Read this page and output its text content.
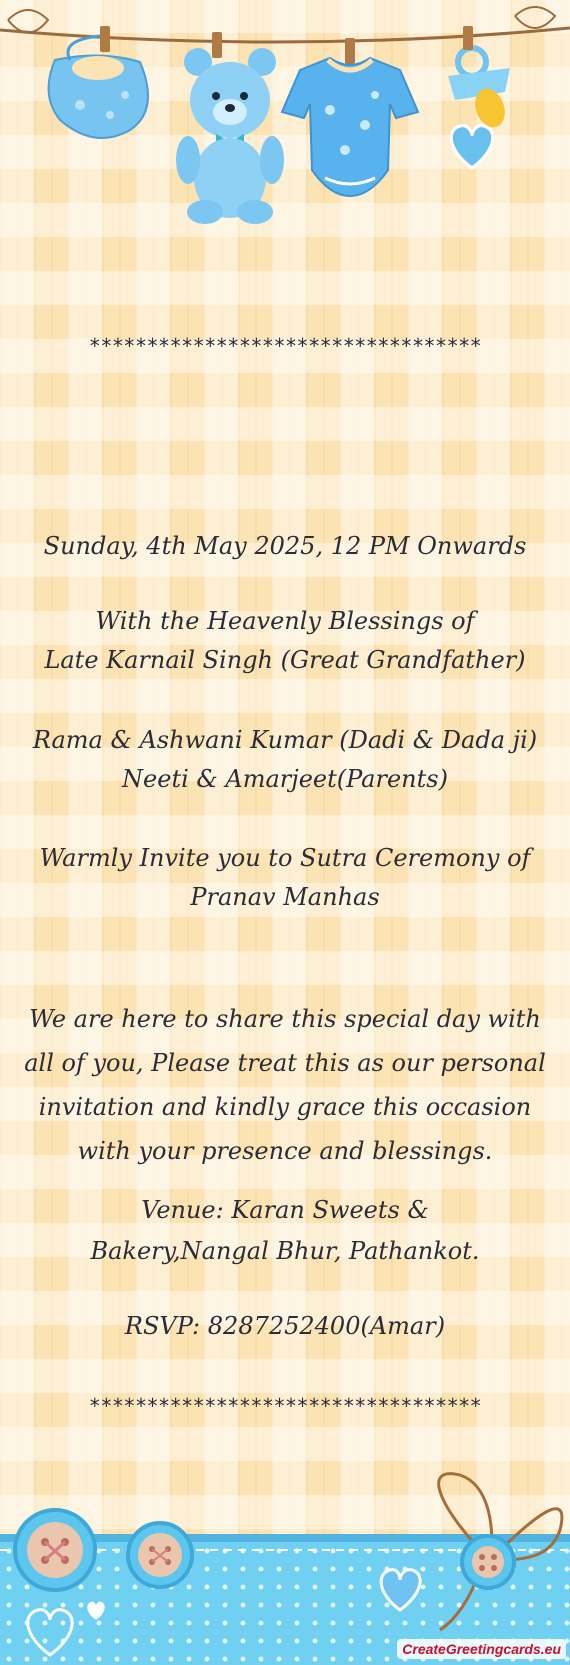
**********************************
Sunday, 4th May 2025, 12 PM Onwards
With the Heavenly Blessings of
Late Karnail Singh (Great Grandfather)
Rama & Ashwani Kumar (Dadi & Dada ji)
Neeti & Amarjeet(Parents)
Warmly Invite you to Sutra Ceremony of
Pranav Manhas
We are here to share this special day with all of you, Please treat this as our personal invitation and kindly grace this occasion with your presence and blessings.
Venue: Karan Sweets & Bakery,Nangal Bhur, Pathankot.
RSVP: 8287252400(Amar)
**********************************
CreateGreetingcards.eu
